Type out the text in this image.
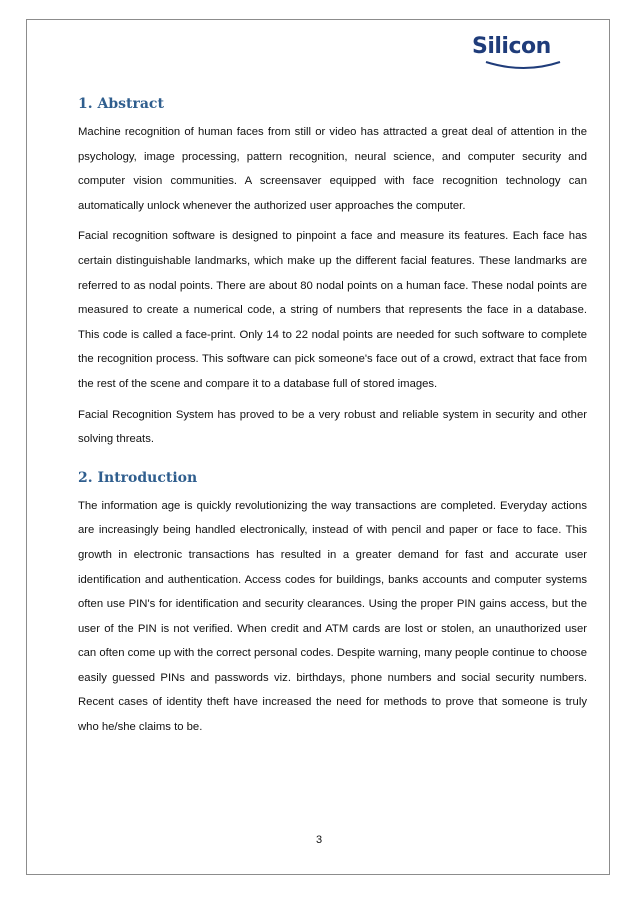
Silicon
1. Abstract

Machine recognition of human faces from still or video has attracted a great deal of attention in the psychology, image processing, pattern recognition, neural science, and computer security and computer vision communities. A screensaver equipped with face recognition technology can automatically unlock whenever the authorized user approaches the computer.

Facial recognition software is designed to pinpoint a face and measure its features. Each face has certain distinguishable landmarks, which make up the different facial features. These landmarks are referred to as nodal points. There are about 80 nodal points on a human face. These nodal points are measured to create a numerical code, a string of numbers that represents the face in a database. This code is called a face-print. Only 14 to 22 nodal points are needed for such software to complete the recognition process. This software can pick someone's face out of a crowd, extract that face from the rest of the scene and compare it to a database full of stored images.

Facial Recognition System has proved to be a very robust and reliable system in security and other solving threats.

2. Introduction

The information age is quickly revolutionizing the way transactions are completed. Everyday actions are increasingly being handled electronically, instead of with pencil and paper or face to face. This growth in electronic transactions has resulted in a greater demand for fast and accurate user identification and authentication. Access codes for buildings, banks accounts and computer systems often use PIN's for identification and security clearances. Using the proper PIN gains access, but the user of the PIN is not verified. When credit and ATM cards are lost or stolen, an unauthorized user can often come up with the correct personal codes. Despite warning, many people continue to choose easily guessed PINs and passwords viz. birthdays, phone numbers and social security numbers. Recent cases of identity theft have increased the need for methods to prove that someone is truly who he/she claims to be.

3
